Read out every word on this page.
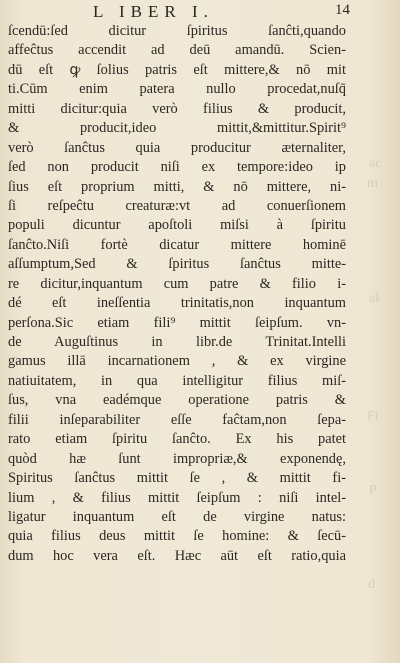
ac
m
al
Fi
P
d
L IBER I.	14
ſcendū:ſed dicitur ſpiritus ſanĉti,quando
affeĉtus accendit ad deū amandū. Scien-
dū eſt ꝙ ſolius patris eſt mittere,& nō mit
ti.Cūm enim patera nullo procedat,nuſq̄
mitti dicitur:quia verò filius & producit,
& producit,ideo mittit,&mittitur.Spirit⁹
verò ſanĉtus quia producitur æternaliter,
ſed non producit niſi ex tempore:ideo ip
ſius eſt proprium mitti, & nō mittere, ni-
ſi reſpeĉtu creaturæ:vt ad conuerſionem
populi dicuntur apoſtoli miſsi à ſpiritu
ſanĉto.Niſi fortè dicatur mittere hominē
aſſumptum,Sed & ſpiritus ſanĉtus mitte-
re dicitur,inquantum cum patre & filio i-
dé eſt ineſſentia trinitatis,non inquantum
perſona.Sic etiam fili⁹ mittit ſeipſum. vn-
de Auguſtinus in libr.de Trinitat.Intelli
gamus illā incarnationem , & ex virgine
natiuitatem, in qua intelligitur filius miſ-
ſus, vna eadémque operatione patris &
filii inſeparabiliter eſſe faĉtam,non ſepa-
rato etiam ſpiritu ſanĉto. Ex his patet
quòd hæ ſunt impropriæ,& exponendę,
Spiritus ſanĉtus mittit ſe , & mittit fi-
lium , & filius mittit ſeipſum : niſi intel-
ligatur inquantum eſt de virgine natus:
quia filius deus mittit ſe homine: & ſecū-
dum hoc vera eſt. Hæc aūt eſt ratio,quia
